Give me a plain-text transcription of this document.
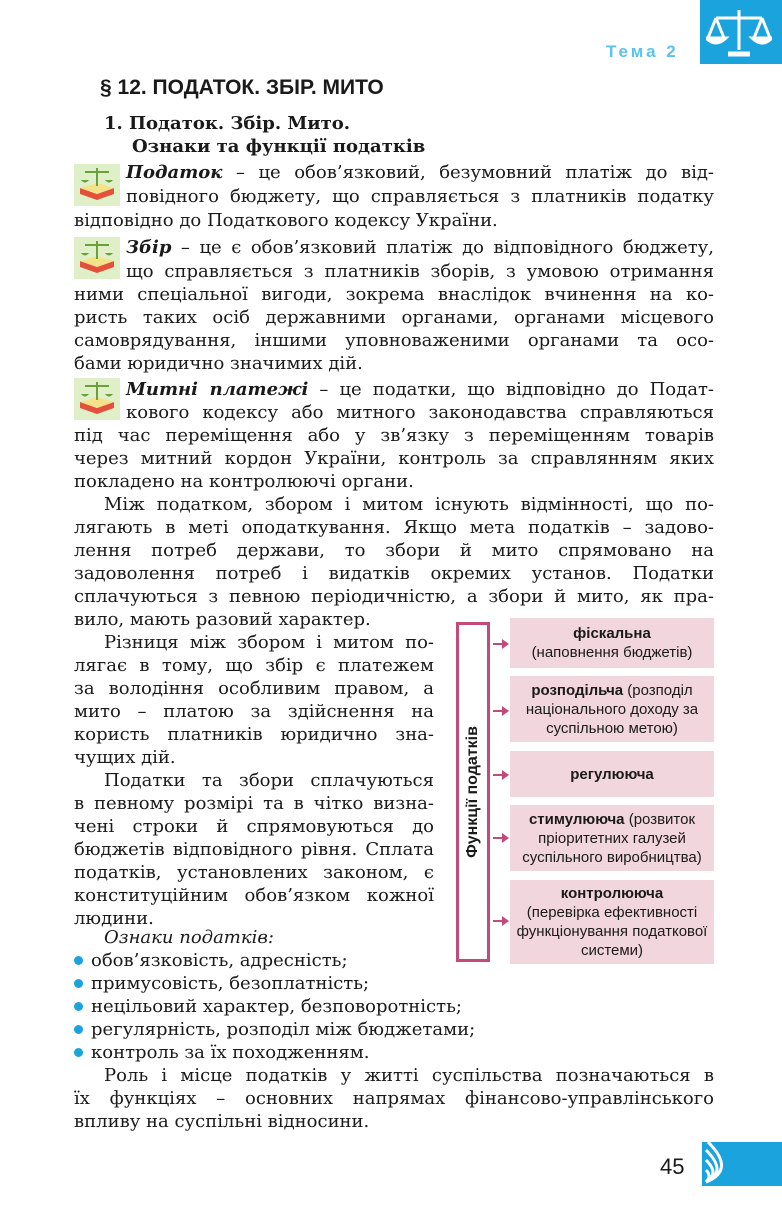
Тема 2
§ 12. ПОДАТОК. ЗБІР. МИТО
1. Податок. Збір. Мито.
Ознаки та функції податків
Податок – це обов’язковий, безумовний платіж до від-
повідного бюджету, що справляється з платників податку
відповідно до Податкового кодексу України.
Збір – це є обов’язковий платіж до відповідного бюджету,
що справляється з платників зборів, з умовою отримання
ними спеціальної вигоди, зокрема внаслідок вчинення на ко-
ристь таких осіб державними органами, органами місцевого
самоврядування, іншими уповноваженими органами та осо-
бами юридично значимих дій.
Митні платежі – це податки, що відповідно до Подат-
кового кодексу або митного законодавства справляються
під час переміщення або у зв’язку з переміщенням товарів
через митний кордон України, контроль за справлянням яких
покладено на контролюючі органи.
Між податком, збором і митом існують відмінності, що по-
лягають в меті оподаткування. Якщо мета податків – задово-
лення потреб держави, то збори й мито спрямовано на
задоволення потреб і видатків окремих установ. Податки
сплачуються з певною періодичністю, а збори й мито, як пра-
вило, мають разовий характер.
Різниця між збором і митом по-
лягає в тому, що збір є платежем
за володіння особливим правом, а
мито – платою за здійснення на
користь платників юридично зна-
чущих дій.
Податки та збори сплачуються
в певному розмірі та в чітко визна-
чені строки й спрямовуються до
бюджетів відповідного рівня. Сплата
податків, установлених законом, є
конституційним обов’язком кожної
людини.
Функції податків
фіскальна
(наповнення бюджетів)
розподільча (розподіл національного доходу за суспільною метою)
регулююча
стимулююча (розвиток пріоритетних галузей суспільного виробництва)
контролююча
(перевірка ефективності функціонування податкової системи)
Ознаки податків:
обов’язковість, адресність;
примусовість, безоплатність;
нецільовий характер, безповоротність;
регулярність, розподіл між бюджетами;
контроль за їх походженням.
Роль і місце податків у житті суспільства позначаються в
їх функціях – основних напрямах фінансово-управлінського
впливу на суспільні відносини.
45
